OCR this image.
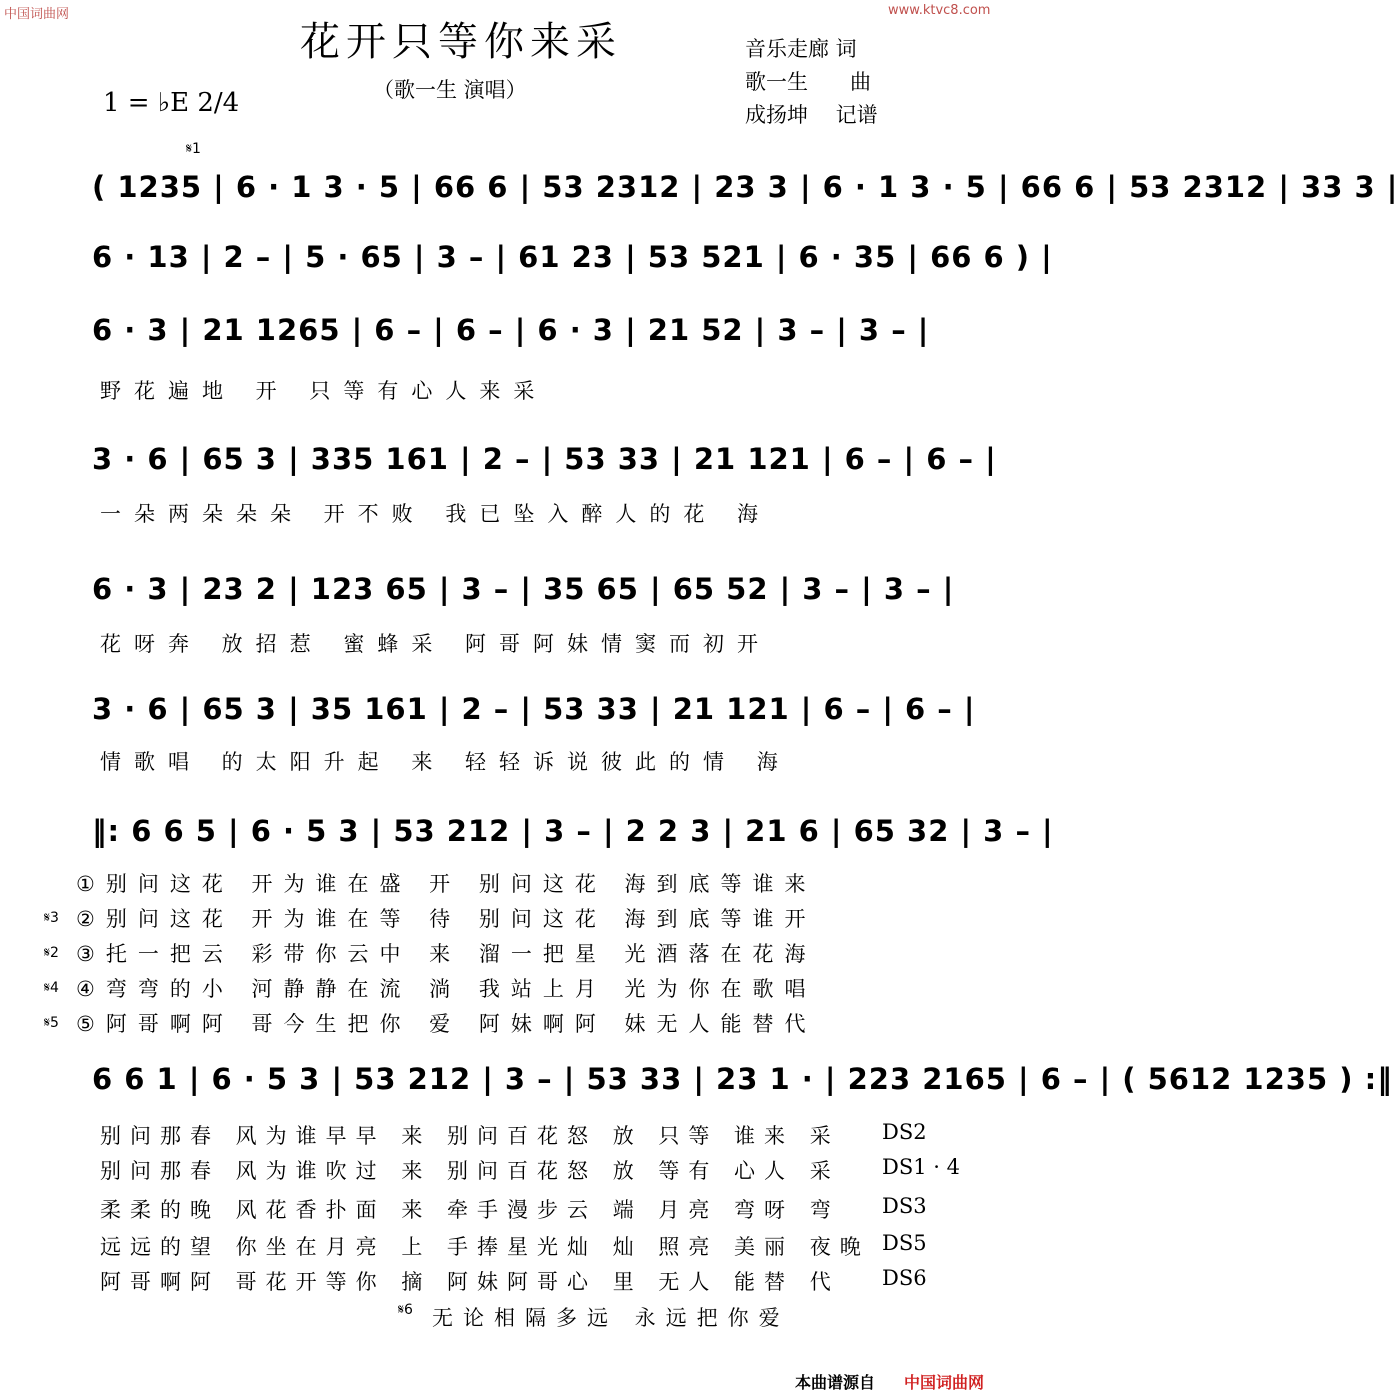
中国词曲网	www.ktvc8.com
花开只等你来采
（歌一生 演唱）
音乐走廊 词
歌一生　　曲
成扬坤　 记谱
1 = ♭E 2/4
𝄋1
( 1235 | 6 · 1 3 · 5 | 66 6 | 53 2312 | 23 3 | 6 · 1 3 · 5 | 66 6 | 53 2312 | 33 3 |
6 · 13 | 2 – | 5 · 65 | 3 – | 61 23 | 53 521 | 6 · 35 | 66 6 ) |
6 · 3 | 21 1265 | 6 – | 6 – | 6 · 3 | 21 52 | 3 – | 3 – |
野花遍地 开 只等有心人来采
3 · 6 | 65 3 | 335 161 | 2 – | 53 33 | 21 121 | 6 – | 6 – |
一朵两朵朵朵 开不败 我已坠入醉人的花 海
6 · 3 | 23 2 | 123 65 | 3 – | 35 65 | 65 52 | 3 – | 3 – |
花呀奔 放招惹 蜜蜂采 阿哥阿妹情窦而初开
3 · 6 | 65 3 | 35 161 | 2 – | 53 33 | 21 121 | 6 – | 6 – |
情歌唱 的太阳升起 来 轻轻诉说彼此的情 海
‖: 6 6 5 | 6 · 5 3 | 53 212 | 3 – | 2 2 3 | 21 6 | 65 32 | 3 – |
𝄋3
𝄋2
𝄋4
𝄋5
①别问这花 开为谁在盛 开 别问这花 海到底等谁来
②别问这花 开为谁在等 待 别问这花 海到底等谁开
③托一把云 彩带你云中 来 溜一把星 光酒落在花海
④弯弯的小 河静静在流 淌 我站上月 光为你在歌唱
⑤阿哥啊阿 哥今生把你 爱 阿妹啊阿 妹无人能替代
6 6 1 | 6 · 5 3 | 53 212 | 3 – | 53 33 | 23 1 · | 223 2165 | 6 – | ( 5612 1235 ) :‖
别问那春 风为谁早早 来 别问百花怒 放 只等 谁来 采 DS2
别问那春 风为谁吹过 来 别问百花怒 放 等有 心人 采 DS1 · 4
柔柔的晚 风花香扑面 来 牵手漫步云 端 月亮 弯呀 弯 DS3
远远的望 你坐在月亮 上 手捧星光灿 灿 照亮 美丽 夜晚 DS5
阿哥啊阿 哥花开等你 摘 阿妹阿哥心 里 无人 能替 代 DS6
𝄋6 无论相隔多远 永远把你爱
本曲谱源自 中国词曲网
